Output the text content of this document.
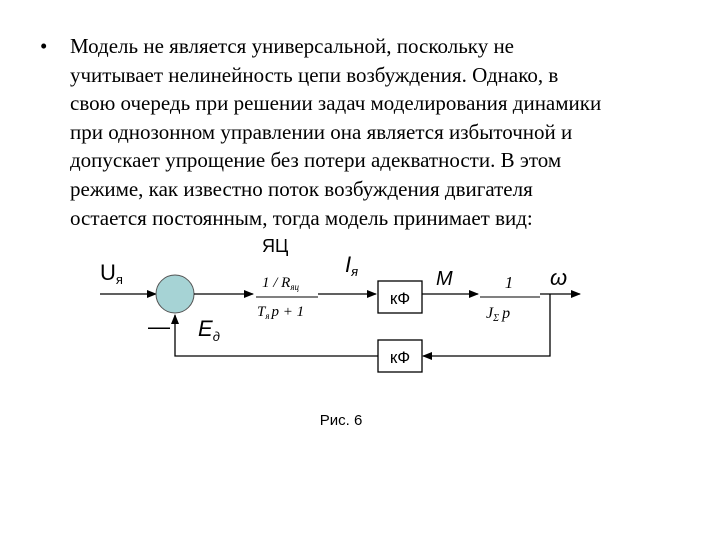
• Модель не является универсальной, поскольку не
учитывает нелинейность цепи возбуждения. Однако, в
свою очередь при решении задач моделирования динамики
при однозонном управлении она является избыточной и
допускает упрощение без потери адекватности. В этом
режиме, как известно поток возбуждения двигателя
остается постоянным, тогда модель принимает вид:
ЯЦ
Uя	$1 / R_{яц}$
$T_я$ p + 1
Iя
кФ
M	1
JΣ p
ω
кФ
— $E_д$
Рис. 6
